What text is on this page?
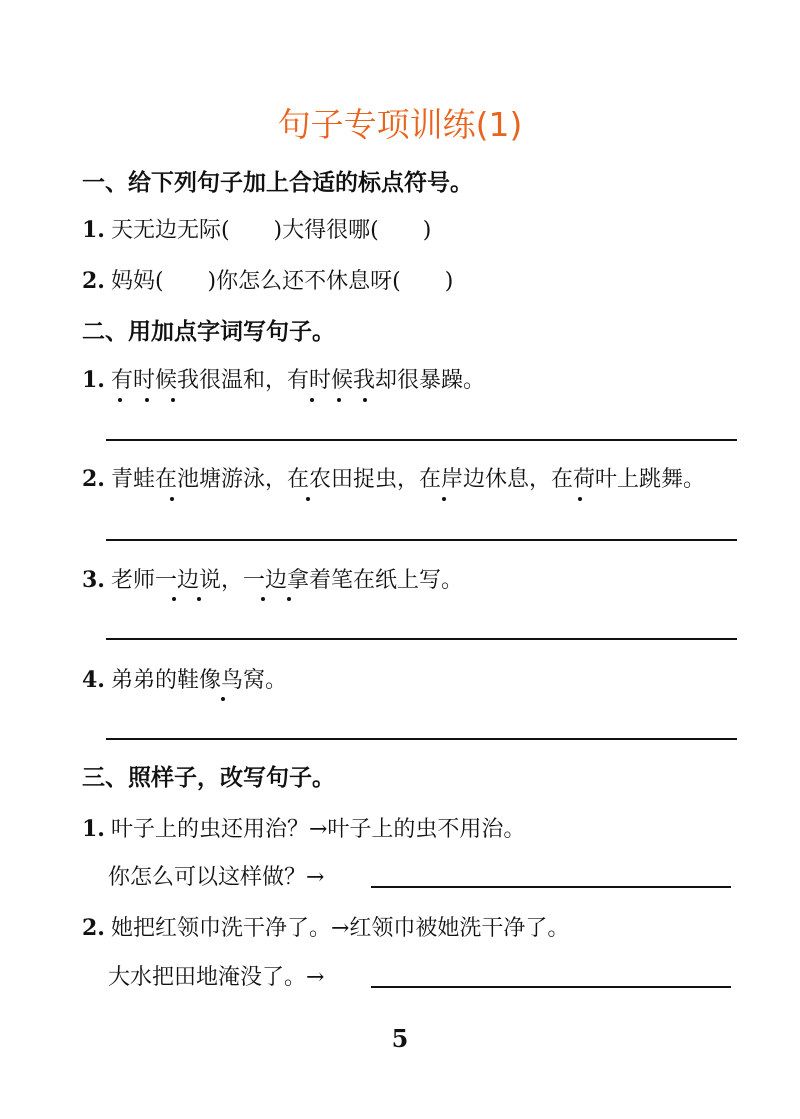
句子专项训练(1)
一、给下列句子加上合适的标点符号。
1. 天无边无际(　　)大得很哪(　　)
2. 妈妈(　　)你怎么还不休息呀(　　)
二、用加点字词写句子。
1. 有时候我很温和，有时候我却很暴躁。
2. 青蛙在池塘游泳，在农田捉虫，在岸边休息，在荷叶上跳舞。
3. 老师一边说，一边拿着笔在纸上写。
4. 弟弟的鞋像鸟窝。
三、照样子，改写句子。
1. 叶子上的虫还用治？→叶子上的虫不用治。
你怎么可以这样做？→
2. 她把红领巾洗干净了。→红领巾被她洗干净了。
大水把田地淹没了。→
5
